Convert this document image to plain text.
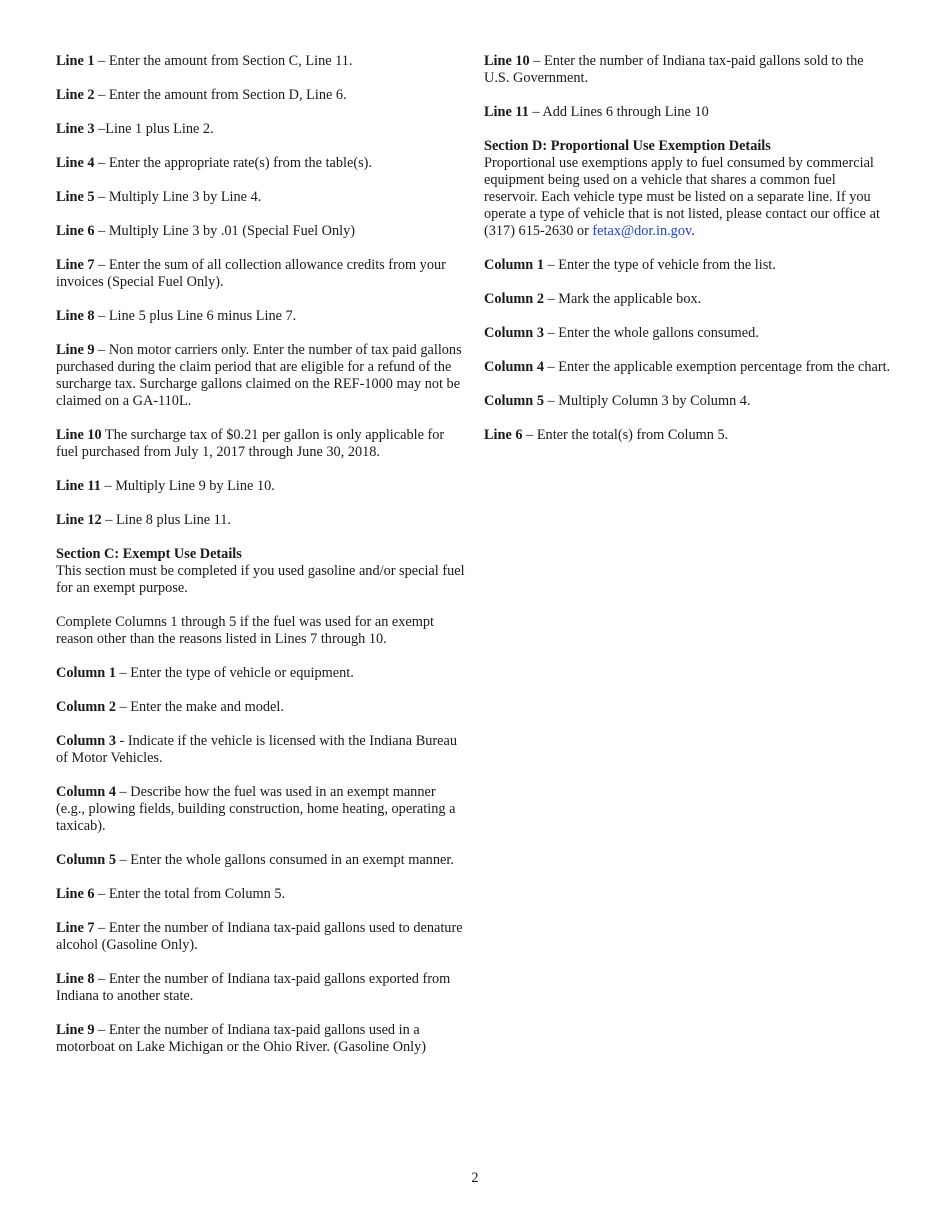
Line 1 – Enter the amount from Section C, Line 11.

Line 2 – Enter the amount from Section D, Line 6.

Line 3 –Line 1 plus Line 2.

Line 4 – Enter the appropriate rate(s) from the table(s).

Line 5 – Multiply Line 3 by Line 4.

Line 6 – Multiply Line 3 by .01 (Special Fuel Only)

Line 7 – Enter the sum of all collection allowance credits from your invoices (Special Fuel Only).

Line 8 – Line 5 plus Line 6 minus Line 7.

Line 9 – Non motor carriers only. Enter the number of tax paid gallons purchased during the claim period that are eligible for a refund of the surcharge tax. Surcharge gallons claimed on the REF-1000 may not be claimed on a GA-110L.

Line 10 The surcharge tax of $0.21 per gallon is only applicable for fuel purchased from July 1, 2017 through June 30, 2018.

Line 11 – Multiply Line 9 by Line 10.

Line 12 – Line 8 plus Line 11.

Section C: Exempt Use Details
This section must be completed if you used gasoline and/or special fuel for an exempt purpose.

Complete Columns 1 through 5 if the fuel was used for an exempt reason other than the reasons listed in Lines 7 through 10.

Column 1 – Enter the type of vehicle or equipment.

Column 2 – Enter the make and model.

Column 3 - Indicate if the vehicle is licensed with the Indiana Bureau of Motor Vehicles.

Column 4 – Describe how the fuel was used in an exempt manner (e.g., plowing fields, building construction, home heating, operating a taxicab).

Column 5 – Enter the whole gallons consumed in an exempt manner.

Line 6 – Enter the total from Column 5.

Line 7 – Enter the number of Indiana tax-paid gallons used to denature alcohol (Gasoline Only).

Line 8 – Enter the number of Indiana tax-paid gallons exported from Indiana to another state.

Line 9 – Enter the number of Indiana tax-paid gallons used in a motorboat on Lake Michigan or the Ohio River. (Gasoline Only)

Line 10 – Enter the number of Indiana tax-paid gallons sold to the U.S. Government.

Line 11 – Add Lines 6 through Line 10

Section D: Proportional Use Exemption Details
Proportional use exemptions apply to fuel consumed by commercial equipment being used on a vehicle that shares a common fuel reservoir. Each vehicle type must be listed on a separate line. If you operate a type of vehicle that is not listed, please contact our office at (317) 615-2630 or fetax@dor.in.gov.

Column 1 – Enter the type of vehicle from the list.

Column 2 – Mark the applicable box.

Column 3 – Enter the whole gallons consumed.

Column 4 – Enter the applicable exemption percentage from the chart.

Column 5 – Multiply Column 3 by Column 4.

Line 6 – Enter the total(s) from Column 5.

2
